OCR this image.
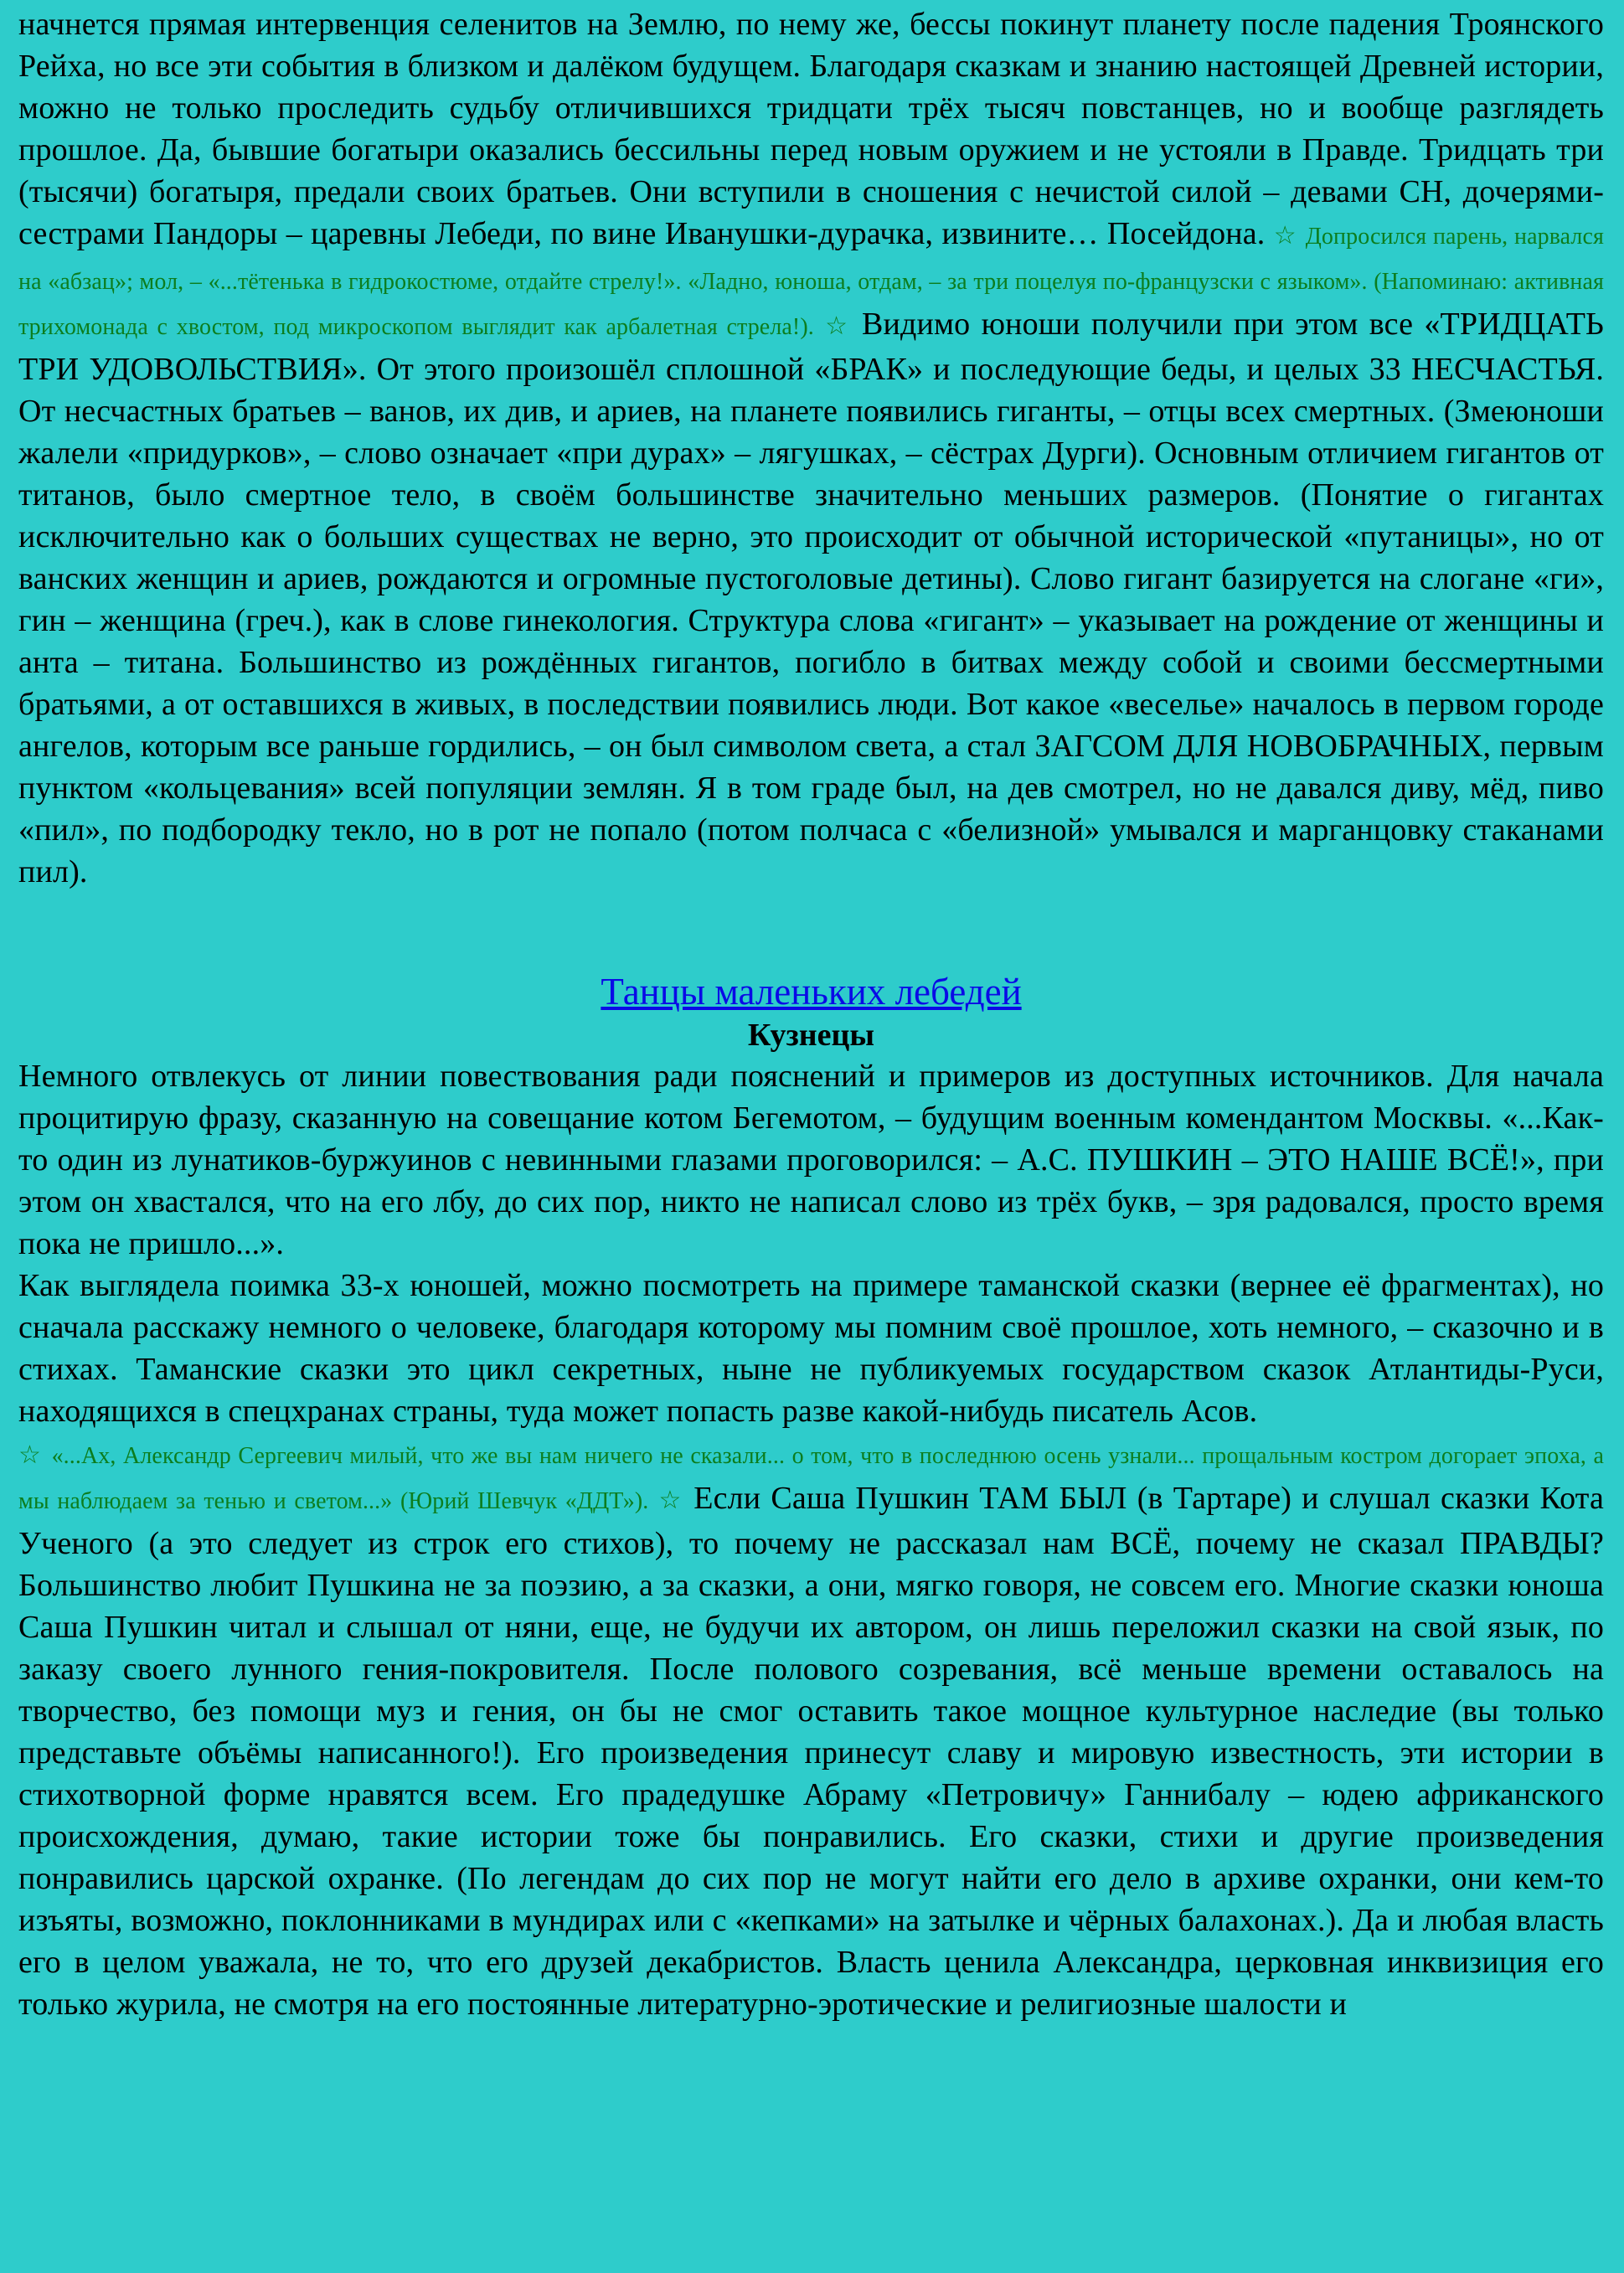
начнется прямая интервенция селенитов на Землю, по нему же, бессы покинут планету после падения Троянского Рейха, но все эти события в близком и далёком будущем. Благодаря сказкам и знанию настоящей Древней истории, можно не только проследить судьбу отличившихся тридцати трёх тысяч повстанцев, но и вообще разглядеть прошлое. Да, бывшие богатыри оказались бессильны перед новым оружием и не устояли в Правде. Тридцать три (тысячи) богатыря, предали своих братьев. Они вступили в сношения с нечистой силой – девами СН, дочерями-сестрами Пандоры – царевны Лебеди, по вине Иванушки-дурачка, извините… Посейдона. ☆ Допросился парень, нарвался на «абзац»; мол, – «...тётенька в гидрокостюме, отдайте стрелу!». «Ладно, юноша, отдам, – за три поцелуя по-французски с языком». (Напоминаю: активная трихомонада с хвостом, под микроскопом выглядит как арбалетная стрела!). ☆ Видимо юноши получили при этом все «ТРИДЦАТЬ ТРИ УДОВОЛЬСТВИЯ». От этого произошёл сплошной «БРАК» и последующие беды, и целых 33 НЕСЧАСТЬЯ. От несчастных братьев – ванов, их див, и ариев, на планете появились гиганты, – отцы всех смертных. (Змеюноши жалели «придурков», – слово означает «при дурах» – лягушках, – сёстрах Дурги). Основным отличием гигантов от титанов, было смертное тело, в своём большинстве значительно меньших размеров. (Понятие о гигантах исключительно как о больших существах не верно, это происходит от обычной исторической «путаницы», но от ванских женщин и ариев, рождаются и огромные пустоголовые детины). Слово гигант базируется на слогане «ги», гин – женщина (греч.), как в слове гинекология. Структура слова «гигант» – указывает на рождение от женщины и анта – титана. Большинство из рождённых гигантов, погибло в битвах между собой и своими бессмертными братьями, а от оставшихся в живых, в последствии появились люди. Вот какое «веселье» началось в первом городе ангелов, которым все раньше гордились, – он был символом света, а стал ЗАГСОМ ДЛЯ НОВОБРАЧНЫХ, первым пунктом «кольцевания» всей популяции землян. Я в том граде был, на дев смотрел, но не давался диву, мёд, пиво «пил», по подбородку текло, но в рот не попало (потом полчаса с «белизной» умывался и марганцовку стаканами пил).

Танцы маленьких лебедей

Кузнецы

Немного отвлекусь от линии повествования ради пояснений и примеров из доступных источников. Для начала процитирую фразу, сказанную на совещание котом Бегемотом, – будущим военным комендантом Москвы. «...Как-то один из лунатиков-буржуинов с невинными глазами проговорился: – А.С. ПУШКИН – ЭТО НАШЕ ВСЁ!», при этом он хвастался, что на его лбу, до сих пор, никто не написал слово из трёх букв, – зря радовался, просто время пока не пришло...».

Как выглядела поимка 33-х юношей, можно посмотреть на примере таманской сказки (вернее её фрагментах), но сначала расскажу немного о человеке, благодаря которому мы помним своё прошлое, хоть немного, – сказочно и в стихах. Таманские сказки это цикл секретных, ныне не публикуемых государством сказок Атлантиды-Руси, находящихся в спецхранах страны, туда может попасть разве какой-нибудь писатель Асов.

☆ «...Ах, Александр Сергеевич милый, что же вы нам ничего не сказали... о том, что в последнюю осень узнали... прощальным костром догорает эпоха, а мы наблюдаем за тенью и светом...» (Юрий Шевчук «ДДТ»). ☆ Если Саша Пушкин ТАМ БЫЛ (в Тартаре) и слушал сказки Кота Ученого (а это следует из строк его стихов), то почему не рассказал нам ВСЁ, почему не сказал ПРАВДЫ? Большинство любит Пушкина не за поэзию, а за сказки, а они, мягко говоря, не совсем его. Многие сказки юноша Саша Пушкин читал и слышал от няни, еще, не будучи их автором, он лишь переложил сказки на свой язык, по заказу своего лунного гения-покровителя. После полового созревания, всё меньше времени оставалось на творчество, без помощи муз и гения, он бы не смог оставить такое мощное культурное наследие (вы только представьте объёмы написанного!). Его произведения принесут славу и мировую известность, эти истории в стихотворной форме нравятся всем. Его прадедушке Абраму «Петровичу» Ганнибалу – юдею африканского происхождения, думаю, такие истории тоже бы понравились. Его сказки, стихи и другие произведения понравились царской охранке. (По легендам до сих пор не могут найти его дело в архиве охранки, они кем-то изъяты, возможно, поклонниками в мундирах или с «кепками» на затылке и чёрных балахонах.). Да и любая власть его в целом уважала, не то, что его друзей декабристов. Власть ценила Александра, церковная инквизиция его только журила, не смотря на его постоянные литературно-эротические и религиозные шалости и
